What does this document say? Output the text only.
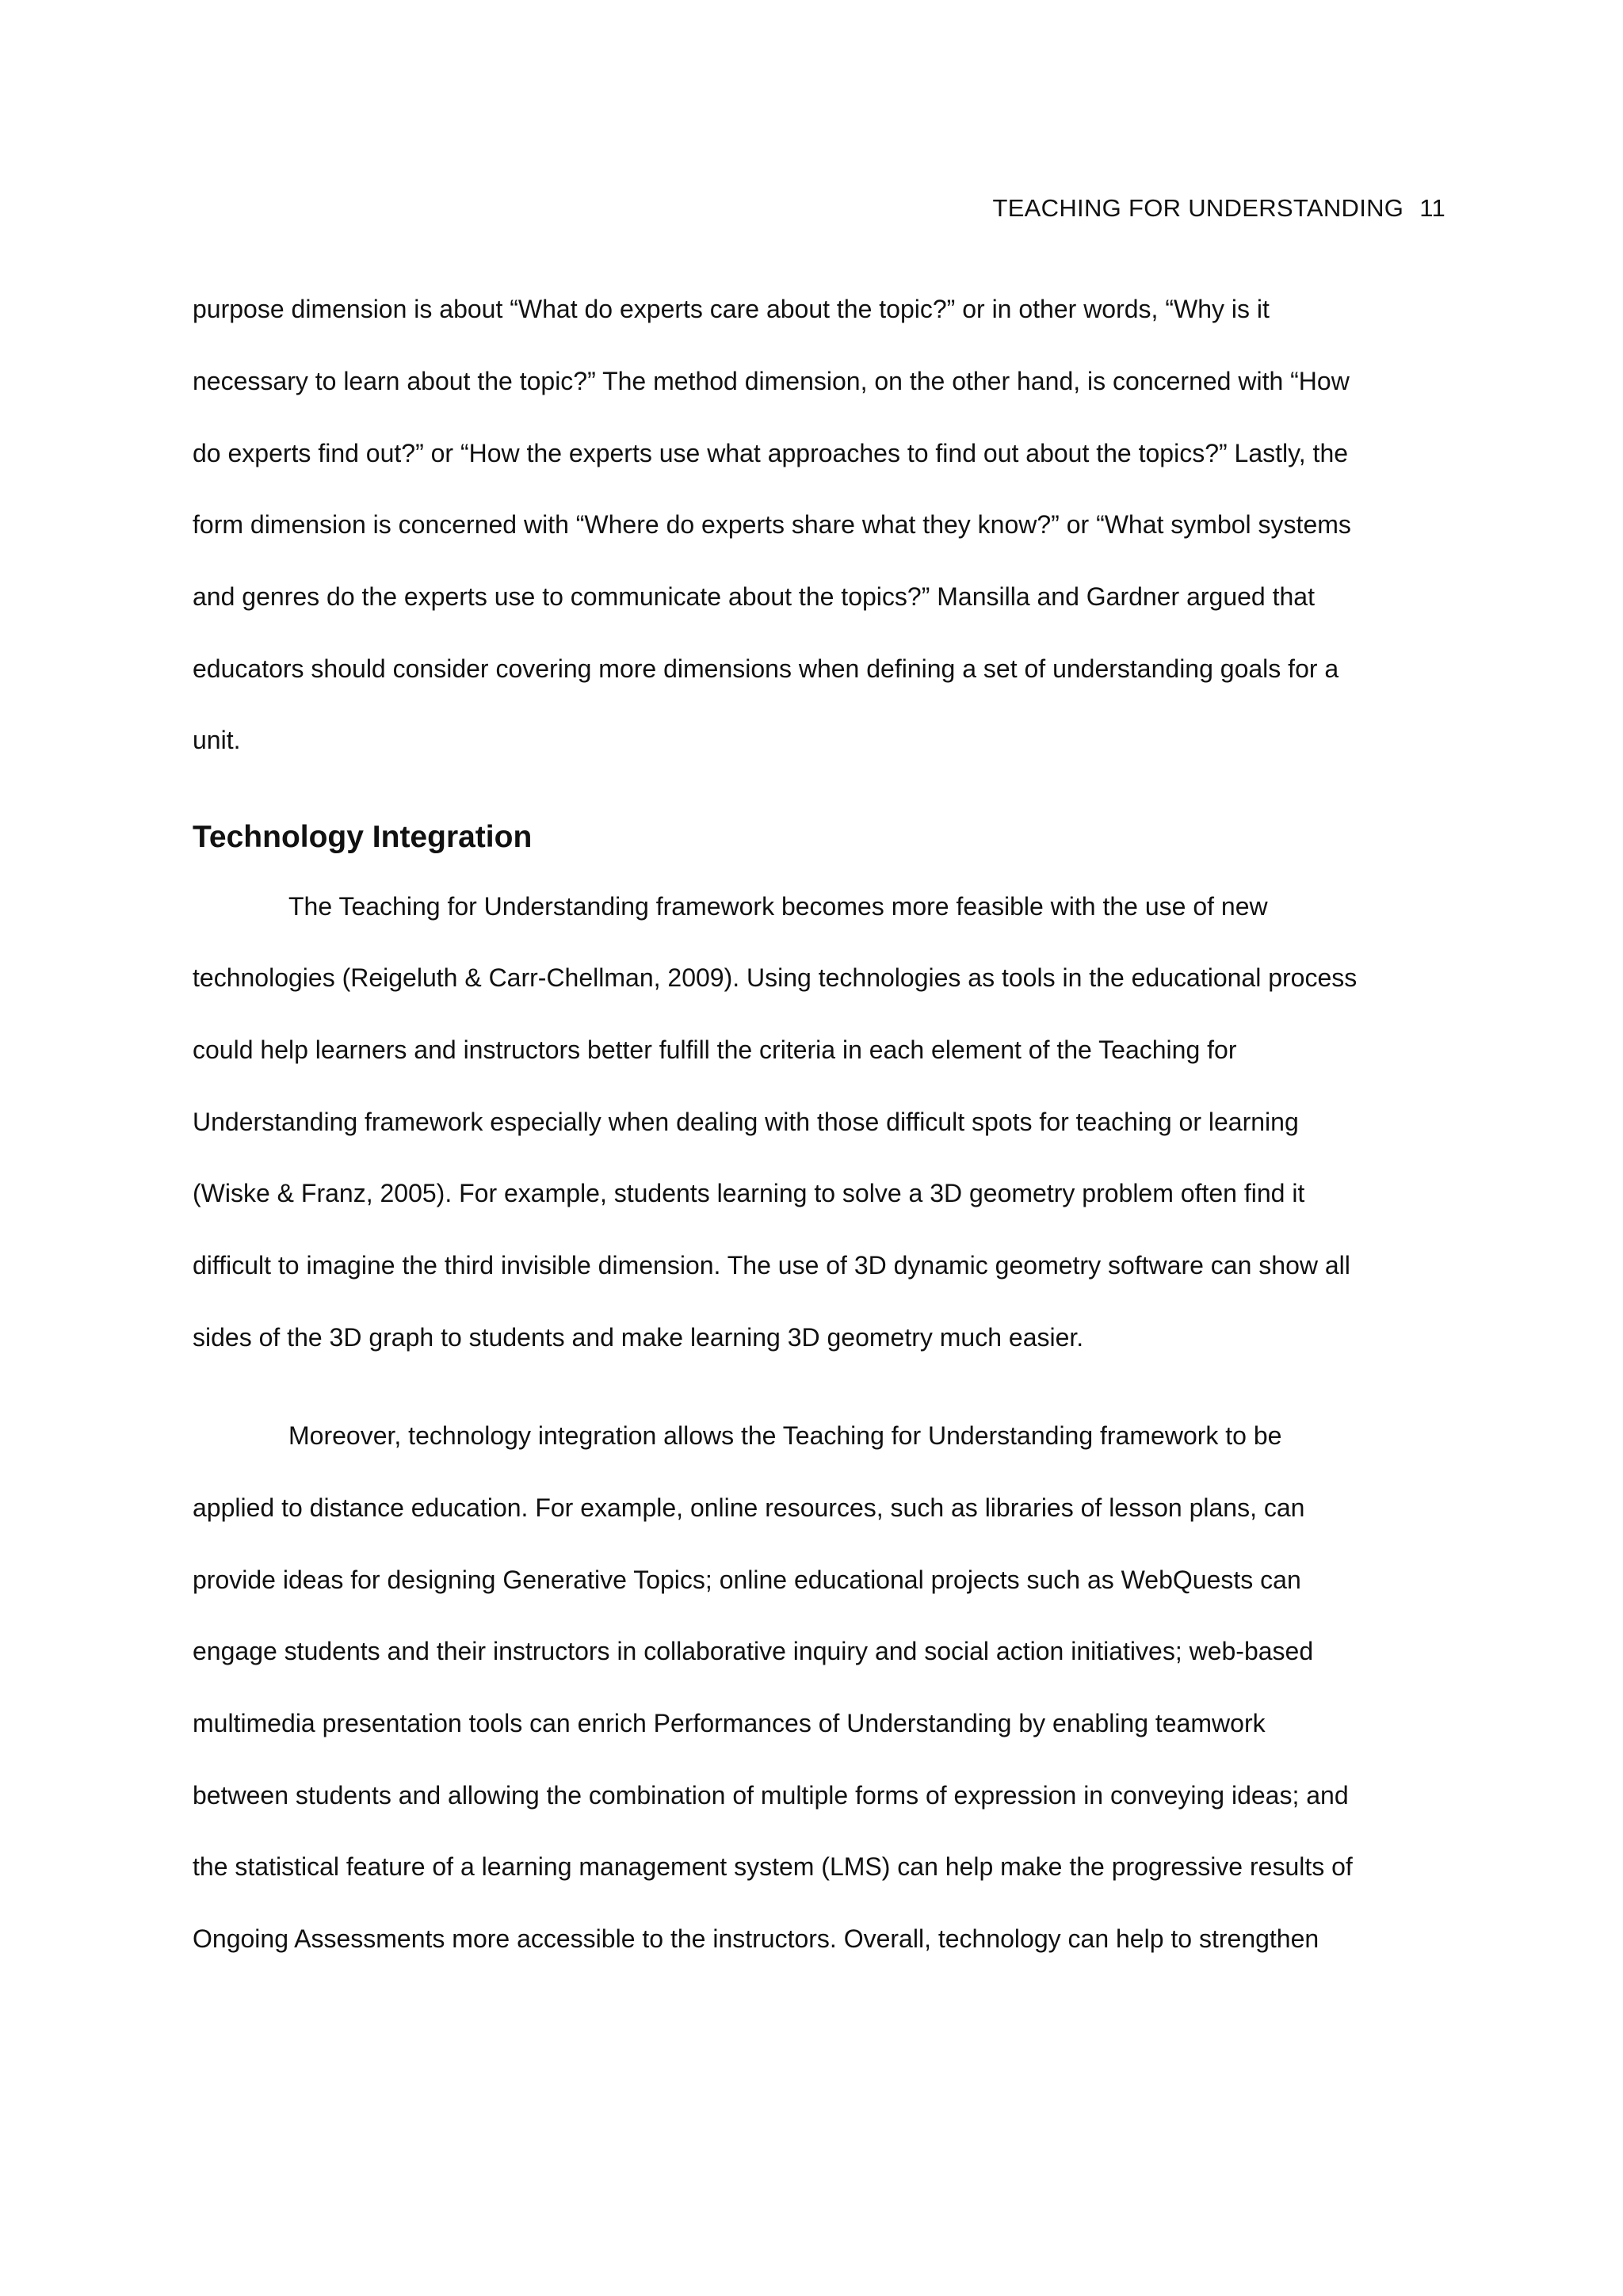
TEACHING FOR UNDERSTANDING 11
purpose dimension is about “What do experts care about the topic?” or in other words, “Why is it
necessary to learn about the topic?” The method dimension, on the other hand, is concerned with “How
do experts find out?” or “How the experts use what approaches to find out about the topics?” Lastly, the
form dimension is concerned with “Where do experts share what they know?” or “What symbol systems
and genres do the experts use to communicate about the topics?” Mansilla and Gardner argued that
educators should consider covering more dimensions when defining a set of understanding goals for a
unit.
Technology Integration
The Teaching for Understanding framework becomes more feasible with the use of new
technologies (Reigeluth & Carr-Chellman, 2009). Using technologies as tools in the educational process
could help learners and instructors better fulfill the criteria in each element of the Teaching for
Understanding framework especially when dealing with those difficult spots for teaching or learning
(Wiske & Franz, 2005). For example, students learning to solve a 3D geometry problem often find it
difficult to imagine the third invisible dimension. The use of 3D dynamic geometry software can show all
sides of the 3D graph to students and make learning 3D geometry much easier.
Moreover, technology integration allows the Teaching for Understanding framework to be
applied to distance education. For example, online resources, such as libraries of lesson plans, can
provide ideas for designing Generative Topics; online educational projects such as WebQuests can
engage students and their instructors in collaborative inquiry and social action initiatives; web-based
multimedia presentation tools can enrich Performances of Understanding by enabling teamwork
between students and allowing the combination of multiple forms of expression in conveying ideas; and
the statistical feature of a learning management system (LMS) can help make the progressive results of
Ongoing Assessments more accessible to the instructors. Overall, technology can help to strengthen
